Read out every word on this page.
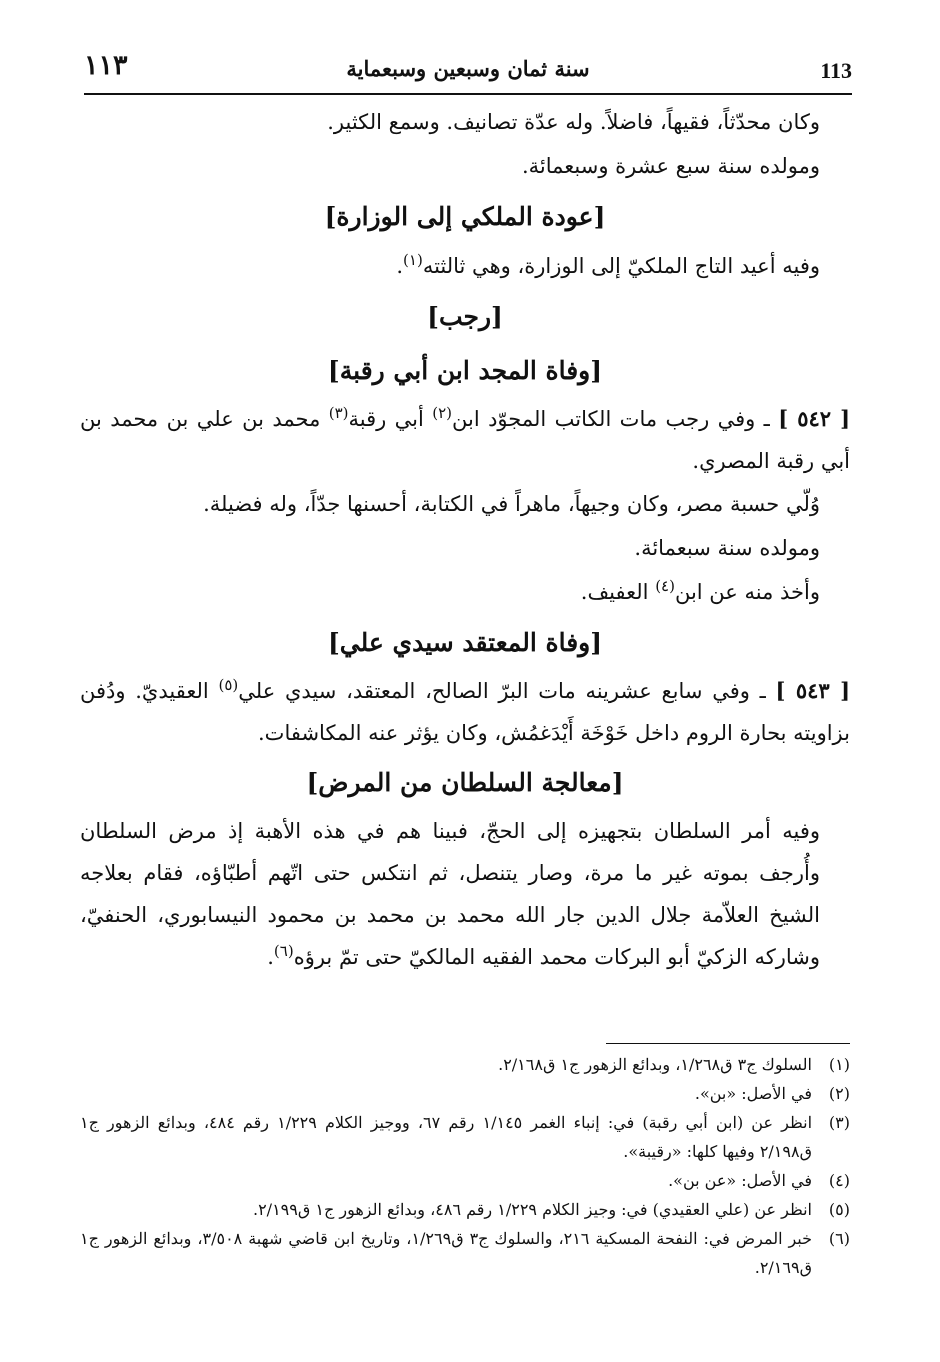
١١٣	سنة ثمان وسبعين وسبعماية	113

وكان محدّثاً، فقيهاً، فاضلاً. وله عدّة تصانيف. وسمع الكثير.

ومولده سنة سبع عشرة وسبعمائة.

[عودة الملكي إلى الوزارة]

وفيه أعيد التاج الملكيّ إلى الوزارة، وهي ثالثته$^{(١)}$.

[رجب]
[وفاة المجد ابن أبي رقبة]

[ ٥٤٢ ] ـ وفي رجب مات الكاتب المجوّد ابن$^{(٢)}$ أبي رقبة$^{(٣)}$ محمد بن علي بن محمد بن أبي رقبة المصري.

وُلّي حسبة مصر، وكان وجيهاً، ماهراً في الكتابة، أحسنها جدّاً، وله فضيلة.

ومولده سنة سبعمائة.

وأخذ منه عن ابن$^{(٤)}$ العفيف.

[وفاة المعتقد سيدي علي]

[ ٥٤٣ ] ـ وفي سابع عشرينه مات البرّ الصالح، المعتقد، سيدي علي$^{(٥)}$ العقيديّ. ودُفن بزاويته بحارة الروم داخل خَوْخَة أَيْدَغمُش، وكان يؤثر عنه المكاشفات.

[معالجة السلطان من المرض]

وفيه أمر السلطان بتجهيزه إلى الحجّ، فبينا هم في هذه الأهبة إذ مرض السلطان وأُرجف بموته غير ما مرة، وصار يتنصل، ثم انتكس حتى اتّهم أطبّاؤه، فقام بعلاجه الشيخ العلاّمة جلال الدين جار الله محمد بن محمد بن محمود النيسابوري، الحنفيّ، وشاركه الزكيّ أبو البركات محمد الفقيه المالكيّ حتى تمّ برؤه$^{(٦)}$.

(١)
السلوك ج٣ ق١/٢٦٨، وبدائع الزهور ج١ ق٢/١٦٨.
(٢)
في الأصل: «بن».
(٣)
انظر عن (ابن أبي رقبة) في: إنباء الغمر ١/١٤٥ رقم ٦٧، ووجيز الكلام ١/٢٢٩ رقم ٤٨٤، وبدائع الزهور ج١ ق٢/١٩٨ وفيها كلها: «رقيبة».
(٤)
في الأصل: «عن بن».
(٥)
انظر عن (علي العقيدي) في: وجيز الكلام ١/٢٢٩ رقم ٤٨٦، وبدائع الزهور ج١ ق٢/١٩٩.
(٦)
خبر المرض في: النفحة المسكية ٢١٦، والسلوك ج٣ ق١/٢٦٩، وتاريخ ابن قاضي شهبة ٣/٥٠٨، وبدائع الزهور ج١ ق٢/١٦٩.
